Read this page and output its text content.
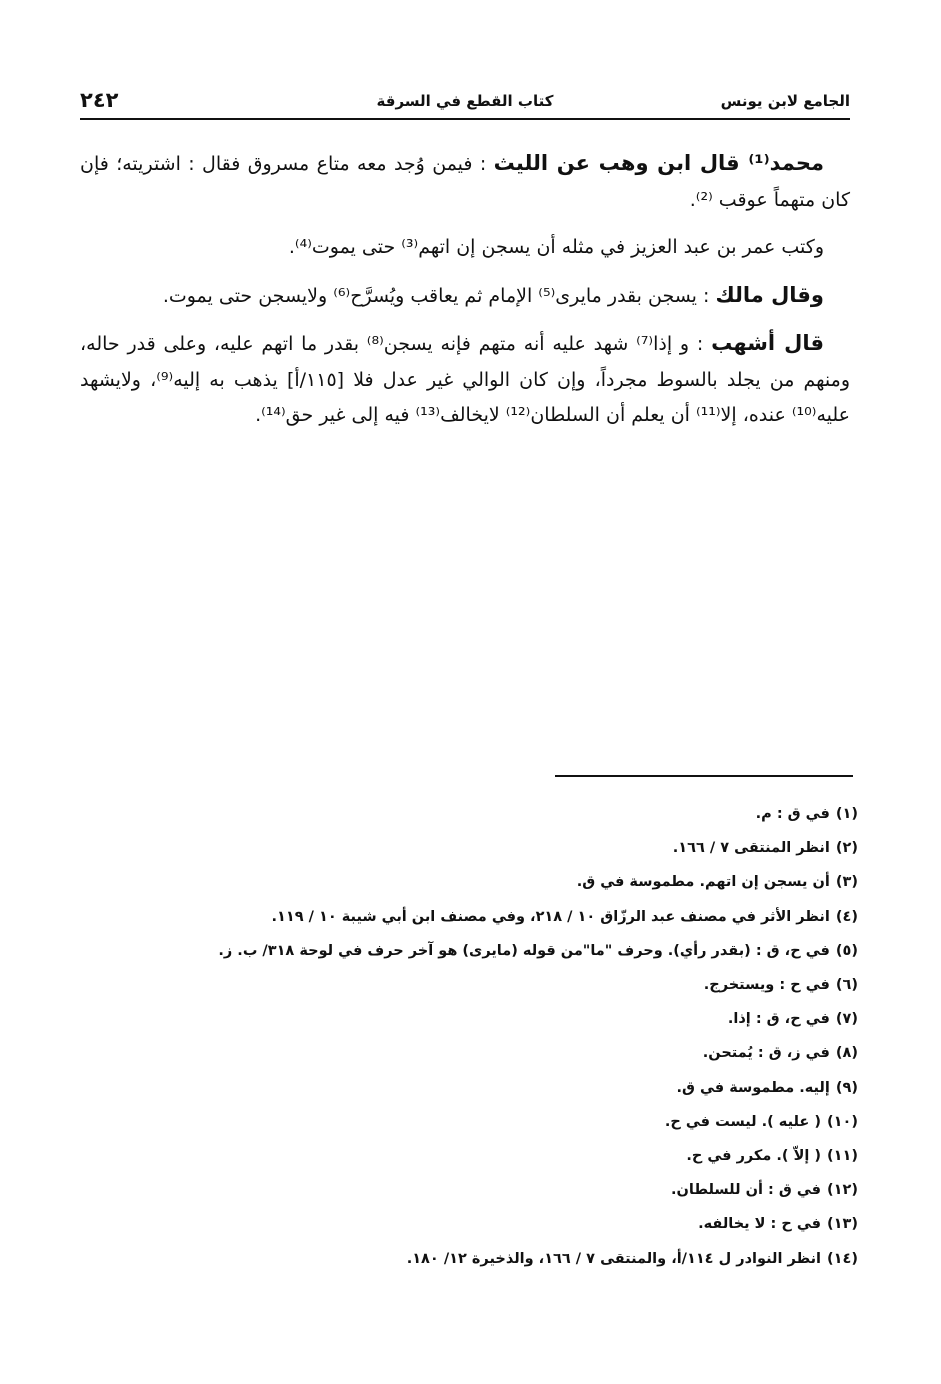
الجامع لابن يونس
كتاب القطع في السرقة
٢٤٢

محمد⁽¹⁾ قال ابن وهب عن الليث : فيمن وُجد معه متاع مسروق فقال : اشتريته؛ فإن كان متهماً عوقب ⁽²⁾.

وكتب عمر بن عبد العزيز في مثله أن يسجن إن اتهم⁽³⁾ حتى يموت⁽⁴⁾.

وقال مالك : يسجن بقدر مايرى⁽⁵⁾ الإمام ثم يعاقب ويُسرَّح⁽⁶⁾ ولايسجن حتى يموت.

قال أشهب : و إذا⁽⁷⁾ شهد عليه أنه متهم فإنه يسجن⁽⁸⁾ بقدر ما اتهم عليه، وعلى قدر حاله، ومنهم من يجلد بالسوط مجرداً، وإن كان الوالي غير عدل فلا [١١٥/أ] يذهب به إليه⁽⁹⁾، ولايشهد عليه⁽¹⁰⁾ عنده، إلا⁽¹¹⁾ أن يعلم أن السلطان⁽¹²⁾ لايخالف⁽¹³⁾ فيه إلى غير حق⁽¹⁴⁾.

(١)في ق : م.
(٢)انظر المنتقى ٧ / ١٦٦.
(٣)أن يسجن إن اتهم. مطموسة في ق.
(٤)انظر الأثر في مصنف عبد الرزّاق ١٠ / ٢١٨، وفي مصنف ابن أبي شيبة ١٠ / ١١٩.
(٥)في ح، ق : (بقدر رأي). وحرف "ما"من قوله (مايرى) هو آخر حرف في لوحة ٣١٨/ ب. ز.
(٦)في ح : ويستخرج.
(٧)في ح، ق : إذا.
(٨)في ز، ق : يُمتحن.
(٩)إليه. مطموسة في ق.
(١٠)( عليه ). ليست في ح.
(١١)( إلاّ ). مكرر في ح.
(١٢)في ق : أن للسلطان.
(١٣)في ح : لا يخالفه.
(١٤)انظر النوادر ل ١١٤/أ، والمنتقى ٧ / ١٦٦، والذخيرة ١٢/ ١٨٠.
